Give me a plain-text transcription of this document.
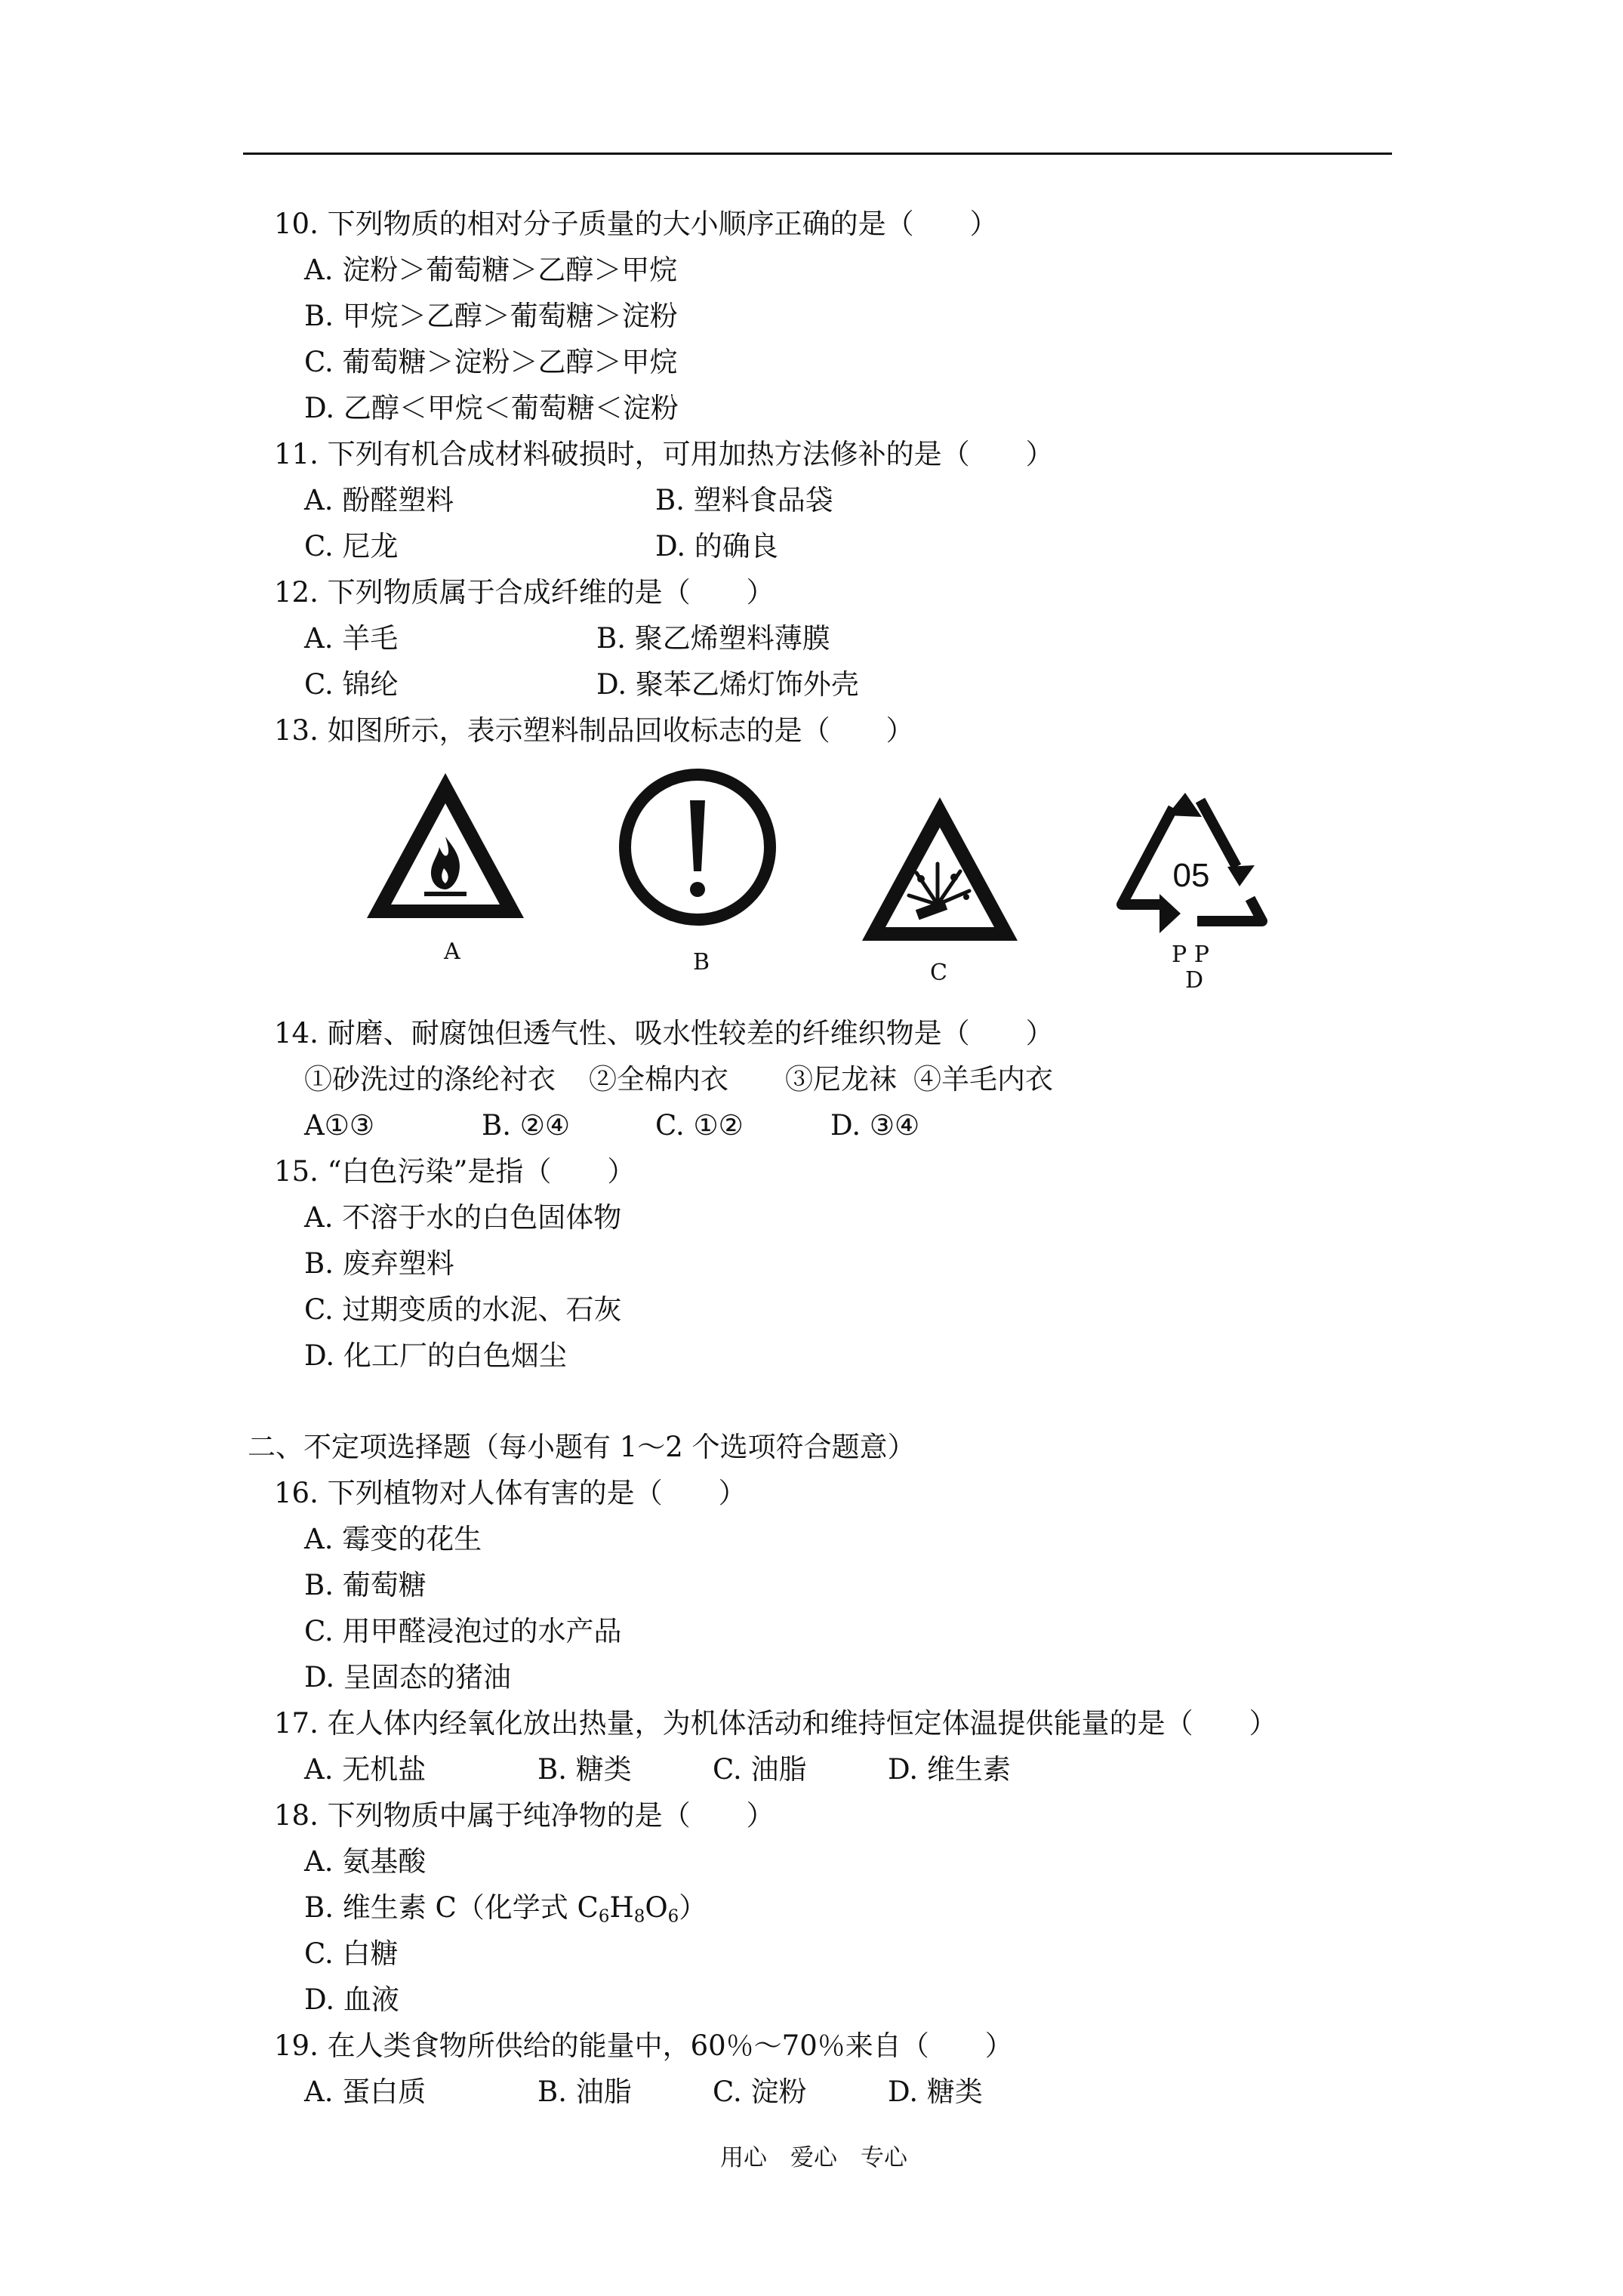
10. 下列物质的相对分子质量的大小顺序正确的是（　　）
A. 淀粉＞葡萄糖＞乙醇＞甲烷
B. 甲烷＞乙醇＞葡萄糖＞淀粉
C. 葡萄糖＞淀粉＞乙醇＞甲烷
D. 乙醇＜甲烷＜葡萄糖＜淀粉
11. 下列有机合成材料破损时，可用加热方法修补的是（　　）
A. 酚醛塑料	B. 塑料食品袋
C. 尼龙	D. 的确良
12. 下列物质属于合成纤维的是（　　）
A. 羊毛	B. 聚乙烯塑料薄膜
C. 锦纶	D. 聚苯乙烯灯饰外壳
13. 如图所示，表示塑料制品回收标志的是（　　）
A	B	C
05
P P
D
14. 耐磨、耐腐蚀但透气性、吸水性较差的纤维织物是（　　）
①砂洗过的涤纶衬衣 ②全棉内衣 ③尼龙袜 ④羊毛内衣
A①③	B. ②④	C. ①②	D. ③④
15. “白色污染”是指（　　）
A. 不溶于水的白色固体物
B. 废弃塑料
C. 过期变质的水泥、石灰
D. 化工厂的白色烟尘
二、不定项选择题（每小题有 1～2 个选项符合题意）
16. 下列植物对人体有害的是（　　）
A. 霉变的花生
B. 葡萄糖
C. 用甲醛浸泡过的水产品
D. 呈固态的猪油
17. 在人体内经氧化放出热量，为机体活动和维持恒定体温提供能量的是（　　）
A. 无机盐	B. 糖类	C. 油脂	D. 维生素
18. 下列物质中属于纯净物的是（　　）
A. 氨基酸
B. 维生素 C（化学式 $C_6H_8O_6$）
C. 白糖
D. 血液
19. 在人类食物所供给的能量中，60％～70％来自（　　）
A. 蛋白质	B. 油脂	C. 淀粉	D. 糖类
用心　爱心　专心
